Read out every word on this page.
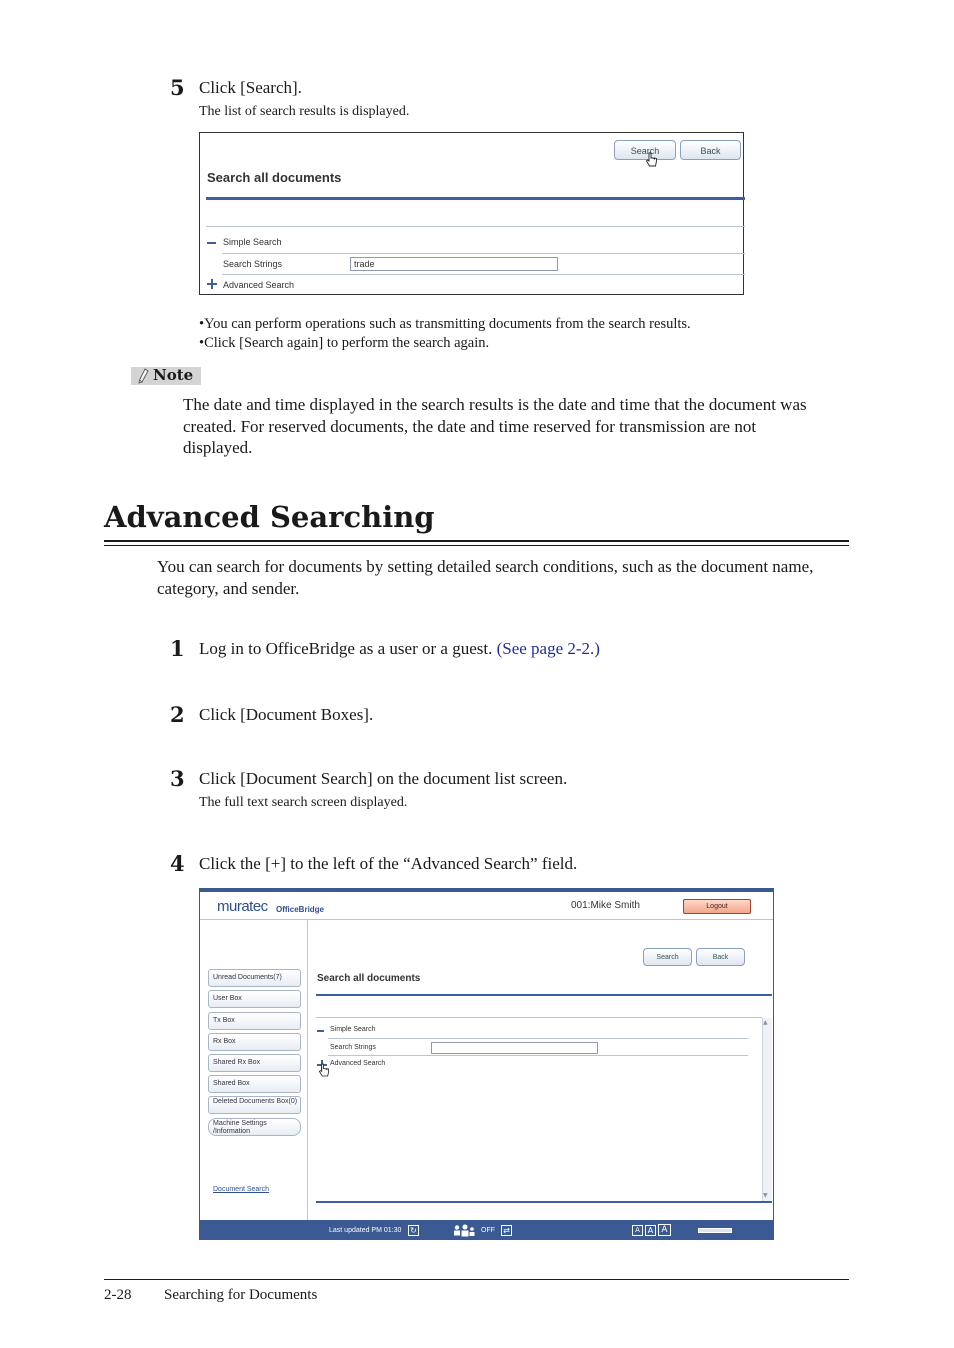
5 Click [Search].
The list of search results is displayed.
Search	Back
Search all documents
Simple Search
Search Strings	trade
Advanced Search
•You can perform operations such as transmitting documents from the search results.
•Click [Search again] to perform the search again.
Note
The date and time displayed in the search results is the date and time that the document was created. For reserved documents, the date and time reserved for transmission are not displayed.
Advanced Searching
You can search for documents by setting detailed search conditions, such as the document name, category, and sender.
1 Log in to OfficeBridge as a user or a guest. (See page 2-2.)
2 Click [Document Boxes].
3 Click [Document Search] on the document list screen.
The full text search screen displayed.
4 Click the [+] to the left of the “Advanced Search” field.
muratec OfficeBridge	001:Mike Smith	Logout
Unread Documents(7)
User Box
Tx Box
Rx Box
Shared Rx Box
Shared Box
Deleted Documents Box(0)
Machine Settings /Information
Document Search
Search	Back
Search all documents
Simple Search
Search Strings
Advanced Search
▲
▼
Last updated PM 01:30 ↻	OFF ⇄	A A A
2-28 Searching for Documents
